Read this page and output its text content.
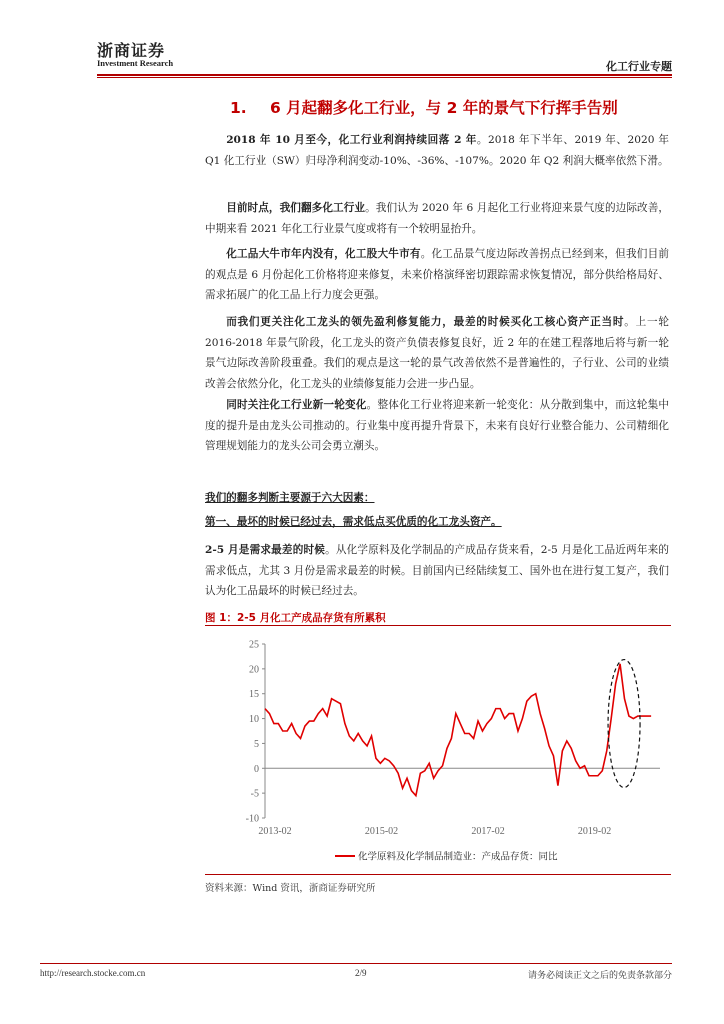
浙商证券
Investment Research	化工行业专题
1. 6 月起翻多化工行业，与 2 年的景气下行挥手告别

2018 年 10 月至今，化工行业利润持续回落 2 年。2018 年下半年、2019 年、2020 年 Q1 化工行业（SW）归母净利润变动-10%、-36%、-107%。2020 年 Q2 利润大概率依然下滑。

目前时点，我们翻多化工行业。我们认为 2020 年 6 月起化工行业将迎来景气度的边际改善，中期来看 2021 年化工行业景气度或将有一个较明显抬升。

化工品大牛市年内没有，化工股大牛市有。化工品景气度边际改善拐点已经到来，但我们目前的观点是 6 月份起化工价格将迎来修复，未来价格演绎密切跟踪需求恢复情况，部分供给格局好、需求拓展广的化工品上行力度会更强。

而我们更关注化工龙头的领先盈利修复能力，最差的时候买化工核心资产正当时。上一轮 2016-2018 年景气阶段，化工龙头的资产负债表修复良好，近 2 年的在建工程落地后将与新一轮景气边际改善阶段重叠。我们的观点是这一轮的景气改善依然不是普遍性的，子行业、公司的业绩改善会依然分化，化工龙头的业绩修复能力会进一步凸显。

同时关注化工行业新一轮变化。整体化工行业将迎来新一轮变化：从分散到集中，而这轮集中度的提升是由龙头公司推动的。行业集中度再提升背景下，未来有良好行业整合能力、公司精细化管理规划能力的龙头公司会勇立潮头。

我们的翻多判断主要源于六大因素：

第一、最坏的时候已经过去，需求低点买优质的化工龙头资产。

2-5 月是需求最差的时候。从化学原料及化学制品的产成品存货来看，2-5 月是化工品近两年来的需求低点，尤其 3 月份是需求最差的时候。目前国内已经陆续复工、国外也在进行复工复产，我们认为化工品最坏的时候已经过去。

图 1：2-5 月化工产成品存货有所累积
-10
-5
0
5
10
15
20
25
2013-02	2015-02	2017-02	2019-02
化学原料及化学制品制造业：产成品存货：同比
资料来源：Wind 资讯，浙商证券研究所
http://research.stocke.com.cn	2/9	请务必阅读正文之后的免责条款部分
